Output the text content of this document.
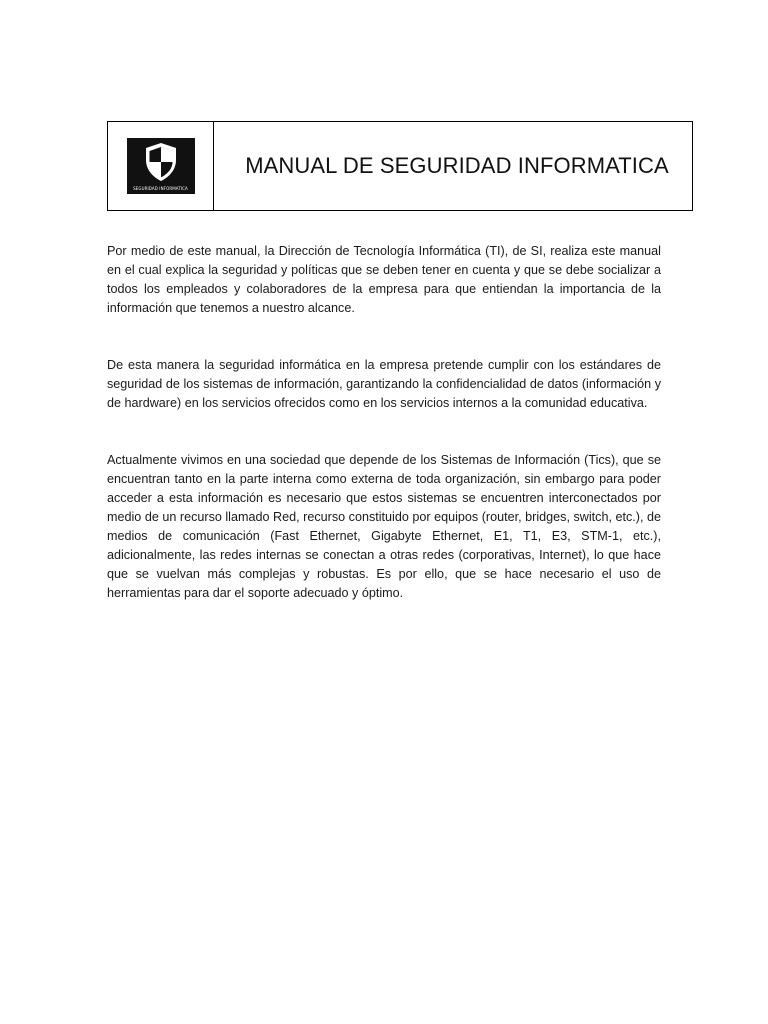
SEGURIDAD INFORMATICA
MANUAL DE SEGURIDAD INFORMATICA

Por medio de este manual, la Dirección de Tecnología Informática (TI), de SI, realiza este manual en el cual explica la seguridad y políticas que se deben tener en cuenta y que se debe socializar a todos los empleados y colaboradores de la empresa para que entiendan la importancia de la información que tenemos a nuestro alcance.

De esta manera la seguridad informática en la empresa pretende cumplir con los estándares de seguridad de los sistemas de información, garantizando la confidencialidad de datos (información y de hardware) en los servicios ofrecidos como en los servicios internos a la comunidad educativa.

Actualmente vivimos en una sociedad que depende de los Sistemas de Información (Tics), que se encuentran tanto en la parte interna como externa de toda organización, sin embargo para poder acceder a esta información es necesario que estos sistemas se encuentren interconectados por medio de un recurso llamado Red, recurso constituido por equipos (router, bridges, switch, etc.), de medios de comunicación (Fast Ethernet, Gigabyte Ethernet, E1, T1, E3, STM-1, etc.), adicionalmente, las redes internas se conectan a otras redes (corporativas, Internet), lo que hace que se vuelvan más complejas y robustas. Es por ello, que se hace necesario el uso de herramientas para dar el soporte adecuado y óptimo.
